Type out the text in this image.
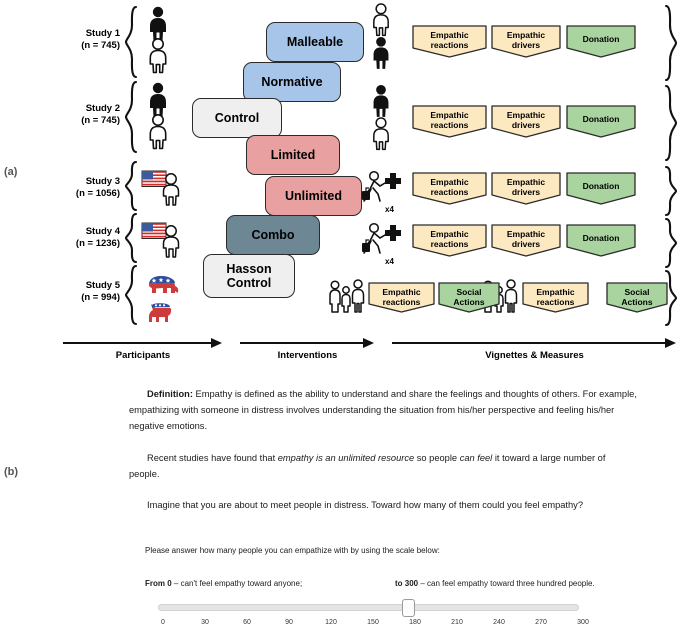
(a)
(b)
Study 1
(n = 745)
Study 2
(n = 745)
Study 3
(n = 1056)
Study 4
(n = 1236)
Study 5
(n = 994)
Malleable
Normative
Control
Limited
Unlimited
Combo
Hasson
Control
x4
x4
Empathic
reactions
Empathic
drivers
Donation
Empathic
reactions
Empathic
drivers
Donation
Empathic
reactions
Empathic
drivers
Donation
Empathic
reactions
Empathic
drivers
Donation
Empathic
reactions
Social
Actions
Empathic
reactions
Social
Actions
Participants	Interventions	Vignettes & Measures
Definition: Empathy is defined as the ability to understand and share the feelings and thoughts of others. For example, empathizing with someone in distress involves understanding the situation from his/her perspective and feeling his/her negative emotions.
Recent studies have found that empathy is an unlimited resource so people can feel it toward a large number of people.
Imagine that you are about to meet people in distress. Toward how many of them could you feel empathy?
Please answer how many people you can empathize with by using the scale below:
From 0 – can't feel empathy toward anyone;	to 300 – can feel empathy toward three hundred people.
0	30	60	90	120	150	180	210	240	270	300
